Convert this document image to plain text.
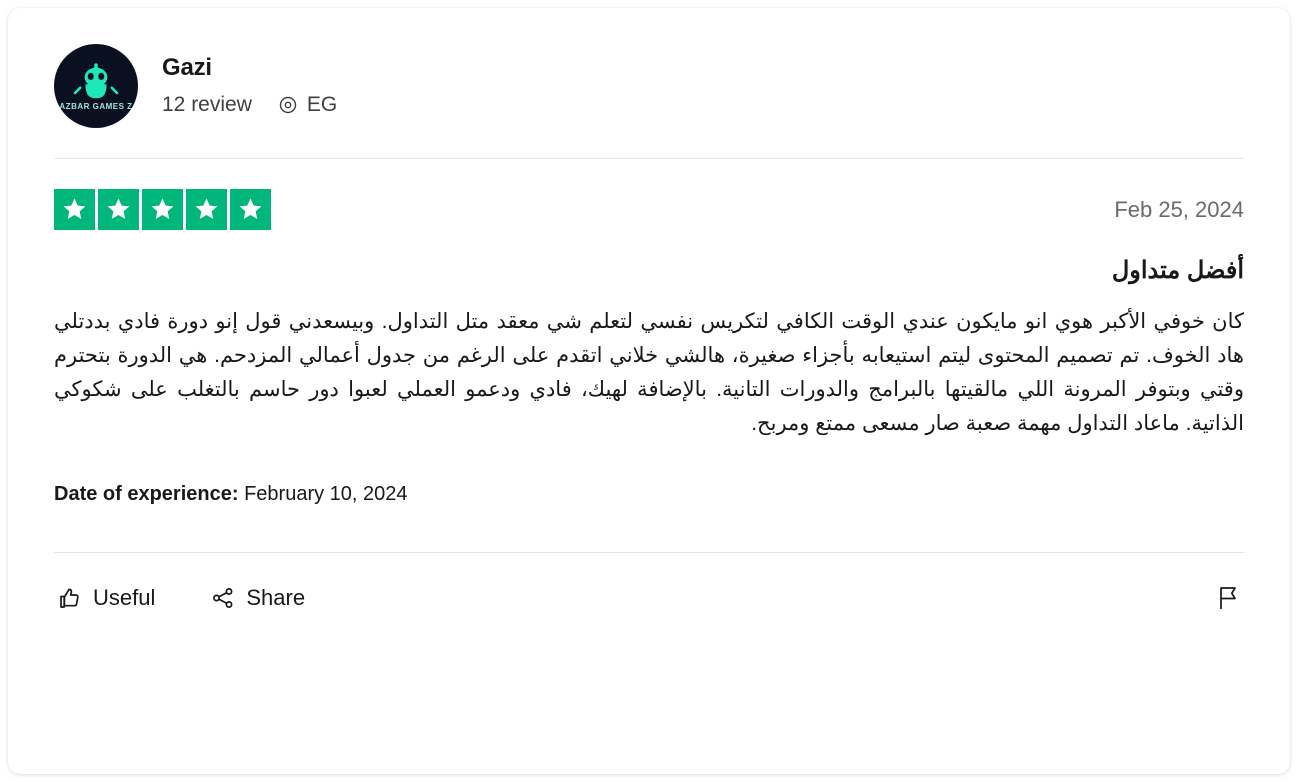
AZBAR GAMES Z
Gazi
12 review	EG
Feb 25, 2024
أفضل متداول

كان خوفي الأكبر هوي انو مايكون عندي الوقت الكافي لتكريس نفسي لتعلم شي معقد متل التداول. وبيسعدني قول إنو دورة فادي بددتلي هاد الخوف. تم تصميم المحتوى ليتم استيعابه بأجزاء صغيرة، هالشي خلاني اتقدم على الرغم من جدول أعمالي المزدحم. هي الدورة بتحترم وقتي وبتوفر المرونة اللي مالقيتها بالبرامج والدورات التانية. بالإضافة لهيك، فادي ودعمو العملي لعبوا دور حاسم بالتغلب على شكوكي الذاتية. ماعاد التداول مهمة صعبة صار مسعى ممتع ومربح.

Date of experience: February 10, 2024
Useful	Share
